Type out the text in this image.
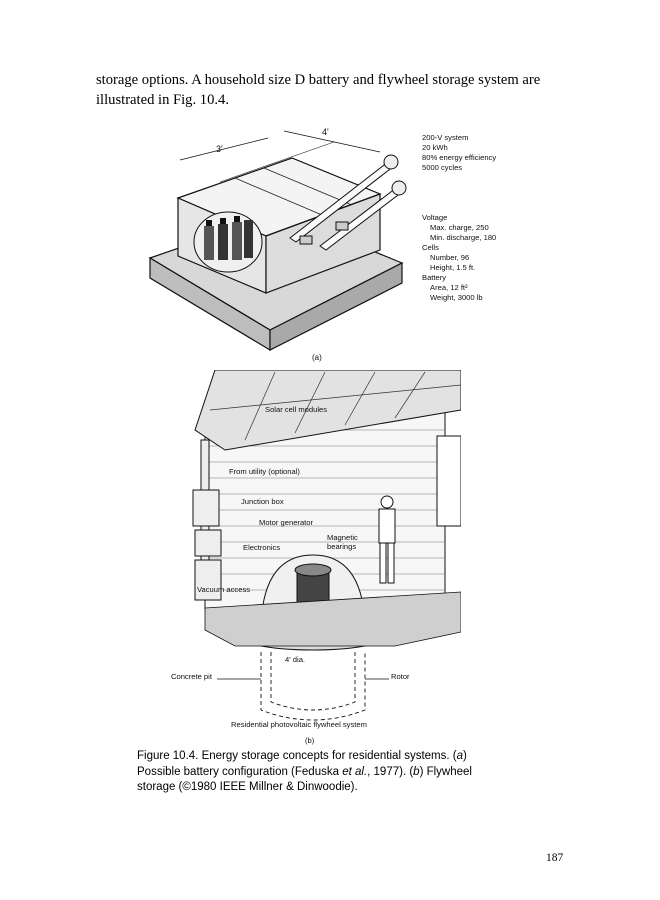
storage options. A household size D battery and flywheel storage system are
illustrated in Fig. 10.4.
4'
3'
200-V system
20 kWh
80% energy efficiency
5000 cycles
Voltage
Max. charge, 250
Min. discharge, 180
Cells
Number, 96
Height, 1.5 ft.
Battery
Area, 12 ft²
Weight, 3000 lb
(a)
Solar cell modules
From utility (optional)
Junction box
Motor generator
Magnetic
bearings
Electronics
Vacuum access
4' dia.
Concrete pit	Rotor
Residential photovoltaic flywheel system
(b)
Figure 10.4. Energy storage concepts for residential systems. (a) Possible battery configuration (Feduska et al., 1977). (b) Flywheel storage (©1980 IEEE Millner & Dinwoodie).
187
